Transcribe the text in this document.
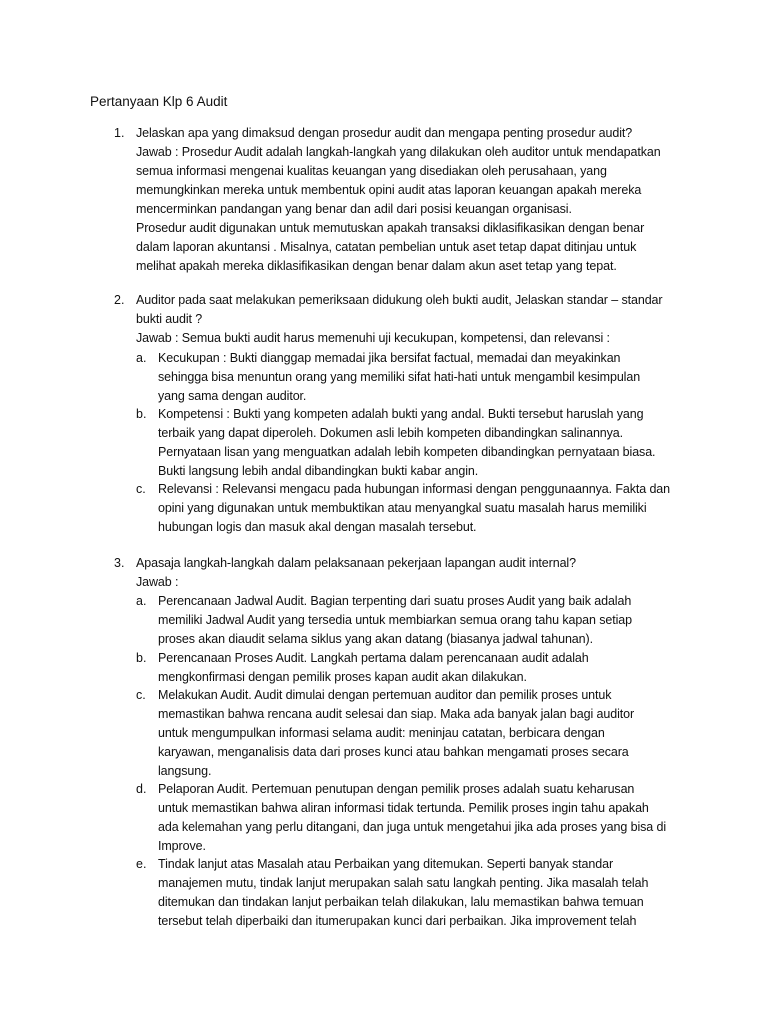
Pertanyaan Klp 6 Audit
1. Jelaskan apa yang dimaksud dengan prosedur audit dan mengapa penting prosedur audit?
Jawab : Prosedur Audit adalah langkah-langkah yang dilakukan oleh auditor untuk mendapatkan
semua informasi mengenai kualitas keuangan yang disediakan oleh perusahaan, yang
memungkinkan mereka untuk membentuk opini audit atas laporan keuangan apakah mereka
mencerminkan pandangan yang benar dan adil dari posisi keuangan organisasi.
Prosedur audit digunakan untuk memutuskan apakah transaksi diklasifikasikan dengan benar
dalam laporan akuntansi . Misalnya, catatan pembelian untuk aset tetap dapat ditinjau untuk
melihat apakah mereka diklasifikasikan dengan benar dalam akun aset tetap yang tepat.
2. Auditor pada saat melakukan pemeriksaan didukung oleh bukti audit, Jelaskan standar – standar
bukti audit ?
Jawab : Semua bukti audit harus memenuhi uji kecukupan, kompetensi, dan relevansi :
a. Kecukupan : Bukti dianggap memadai jika bersifat factual, memadai dan meyakinkan
sehingga bisa menuntun orang yang memiliki sifat hati-hati untuk mengambil kesimpulan
yang sama dengan auditor.
b. Kompetensi : Bukti yang kompeten adalah bukti yang andal. Bukti tersebut haruslah yang
terbaik yang dapat diperoleh. Dokumen asli lebih kompeten dibandingkan salinannya.
Pernyataan lisan yang menguatkan adalah lebih kompeten dibandingkan pernyataan biasa.
Bukti langsung lebih andal dibandingkan bukti kabar angin.
c. Relevansi : Relevansi mengacu pada hubungan informasi dengan penggunaannya. Fakta dan
opini yang digunakan untuk membuktikan atau menyangkal suatu masalah harus memiliki
hubungan logis dan masuk akal dengan masalah tersebut.
3. Apasaja langkah-langkah dalam pelaksanaan pekerjaan lapangan audit internal?
Jawab :
a. Perencanaan Jadwal Audit. Bagian terpenting dari suatu proses Audit yang baik adalah
memiliki Jadwal Audit yang tersedia untuk membiarkan semua orang tahu kapan setiap
proses akan diaudit selama siklus yang akan datang (biasanya jadwal tahunan).
b. Perencanaan Proses Audit. Langkah pertama dalam perencanaan audit adalah
mengkonfirmasi dengan pemilik proses kapan audit akan dilakukan.
c. Melakukan Audit. Audit dimulai dengan pertemuan auditor dan pemilik proses untuk
memastikan bahwa rencana audit selesai dan siap. Maka ada banyak jalan bagi auditor
untuk mengumpulkan informasi selama audit: meninjau catatan, berbicara dengan
karyawan, menganalisis data dari proses kunci atau bahkan mengamati proses secara
langsung.
d. Pelaporan Audit. Pertemuan penutupan dengan pemilik proses adalah suatu keharusan
untuk memastikan bahwa aliran informasi tidak tertunda. Pemilik proses ingin tahu apakah
ada kelemahan yang perlu ditangani, dan juga untuk mengetahui jika ada proses yang bisa di
Improve.
e. Tindak lanjut atas Masalah atau Perbaikan yang ditemukan. Seperti banyak standar
manajemen mutu, tindak lanjut merupakan salah satu langkah penting. Jika masalah telah
ditemukan dan tindakan lanjut perbaikan telah dilakukan, lalu memastikan bahwa temuan
tersebut telah diperbaiki dan itumerupakan kunci dari perbaikan. Jika improvement telah
